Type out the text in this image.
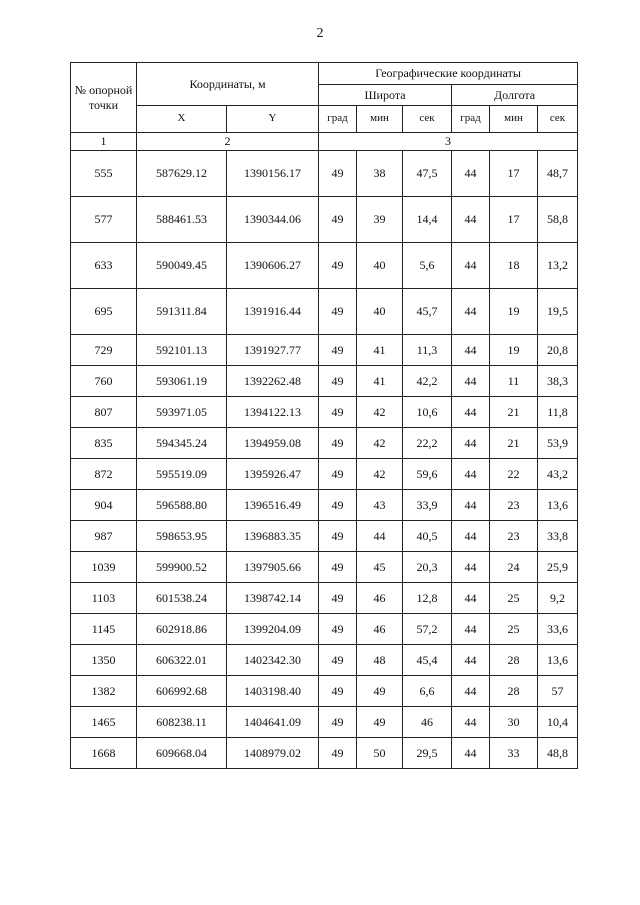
2
№ опорной точки	Координаты, м		Географические координаты					
			Широта			Долгота		
	X	Y	град	мин	сек	град	мин	сек
1	2		3					
555	587629.12	1390156.17	49	38	47,5	44	17	48,7
577	588461.53	1390344.06	49	39	14,4	44	17	58,8
633	590049.45	1390606.27	49	40	5,6	44	18	13,2
695	591311.84	1391916.44	49	40	45,7	44	19	19,5
729	592101.13	1391927.77	49	41	11,3	44	19	20,8
760	593061.19	1392262.48	49	41	42,2	44	11	38,3
807	593971.05	1394122.13	49	42	10,6	44	21	11,8
835	594345.24	1394959.08	49	42	22,2	44	21	53,9
872	595519.09	1395926.47	49	42	59,6	44	22	43,2
904	596588.80	1396516.49	49	43	33,9	44	23	13,6
987	598653.95	1396883.35	49	44	40,5	44	23	33,8
1039	599900.52	1397905.66	49	45	20,3	44	24	25,9
1103	601538.24	1398742.14	49	46	12,8	44	25	9,2
1145	602918.86	1399204.09	49	46	57,2	44	25	33,6
1350	606322.01	1402342.30	49	48	45,4	44	28	13,6
1382	606992.68	1403198.40	49	49	6,6	44	28	57
1465	608238.11	1404641.09	49	49	46	44	30	10,4
1668	609668.04	1408979.02	49	50	29,5	44	33	48,8
